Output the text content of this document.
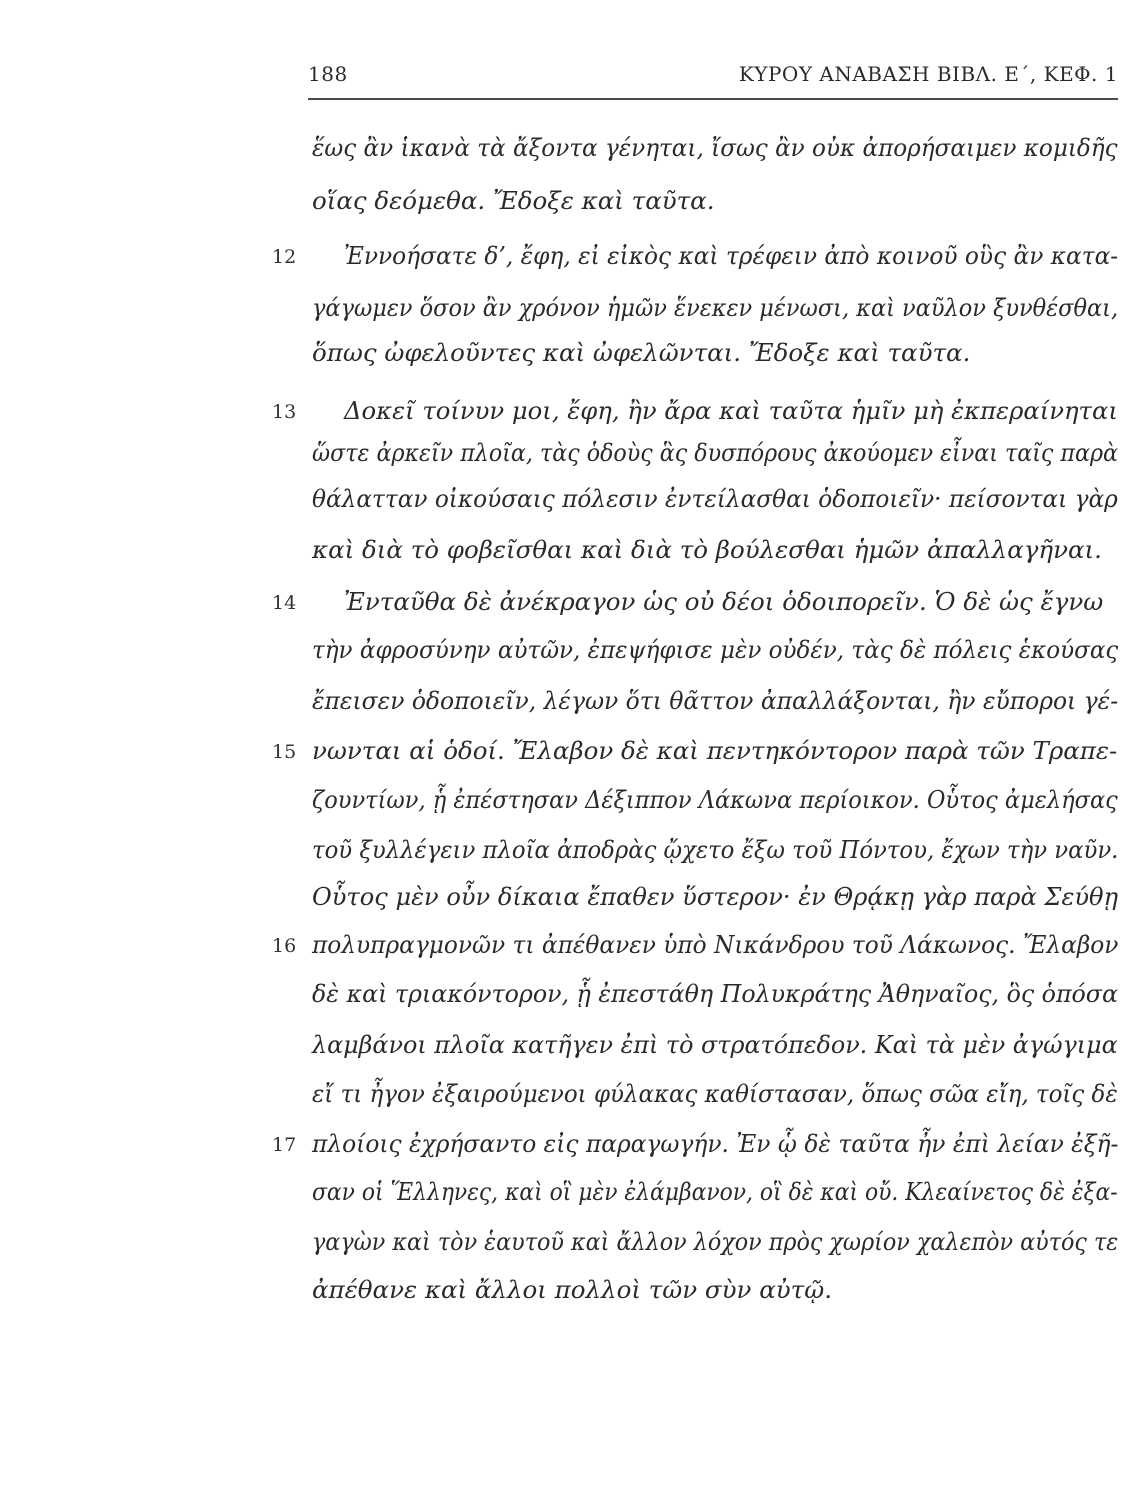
188	ΚΥΡΟΥ ΑΝΑΒΑΣΗ ΒΙΒΛ. Ε΄, ΚΕΦ. 1
ἕως ἂν ἱκανὰ τὰ ἄξοντα γένηται, ἴσως ἂν οὐκ ἀπορήσαιμεν κομιδῆς
οἵας δεόμεθα. Ἔδοξε καὶ ταῦτα.
12 Ἐννοήσατε δ’, ἔφη, εἰ εἰκὸς καὶ τρέφειν ἀπὸ κοινοῦ οὓς ἂν κατα-
γάγωμεν ὅσον ἂν χρόνον ἡμῶν ἕνεκεν μένωσι, καὶ ναῦλον ξυνθέσθαι,
ὅπως ὠφελοῦντες καὶ ὠφελῶνται. Ἔδοξε καὶ ταῦτα.
13 Δοκεῖ τοίνυν μοι, ἔφη, ἢν ἄρα καὶ ταῦτα ἡμῖν μὴ ἐκπεραίνηται
ὥστε ἀρκεῖν πλοῖα, τὰς ὁδοὺς ἃς δυσπόρους ἀκούομεν εἶναι ταῖς παρὰ
θάλατταν οἰκούσαις πόλεσιν ἐντείλασθαι ὁδοποιεῖν· πείσονται γὰρ
καὶ διὰ τὸ φοβεῖσθαι καὶ διὰ τὸ βούλεσθαι ἡμῶν ἀπαλλαγῆναι.
14 Ἐνταῦθα δὲ ἀνέκραγον ὡς οὐ δέοι ὁδοιπορεῖν. Ὁ δὲ ὡς ἔγνω
τὴν ἀφροσύνην αὐτῶν, ἐπεψήφισε μὲν οὐδέν, τὰς δὲ πόλεις ἑκούσας
ἔπεισεν ὁδοποιεῖν, λέγων ὅτι θᾶττον ἀπαλλάξονται, ἢν εὔποροι γέ-
15 νωνται αἱ ὁδοί. Ἔλαβον δὲ καὶ πεντηκόντορον παρὰ τῶν Τραπε-
ζουντίων, ᾗ ἐπέστησαν Δέξιππον Λάκωνα περίοικον. Οὗτος ἀμελήσας
τοῦ ξυλλέγειν πλοῖα ἀποδρὰς ᾤχετο ἔξω τοῦ Πόντου, ἔχων τὴν ναῦν.
Οὗτος μὲν οὖν δίκαια ἔπαθεν ὕστερον· ἐν Θρᾴκῃ γὰρ παρὰ Σεύθῃ
16 πολυπραγμονῶν τι ἀπέθανεν ὑπὸ Νικάνδρου τοῦ Λάκωνος. Ἔλαβον
δὲ καὶ τριακόντορον, ᾗ ἐπεστάθη Πολυκράτης Ἀθηναῖος, ὃς ὁπόσα
λαμβάνοι πλοῖα κατῆγεν ἐπὶ τὸ στρατόπεδον. Καὶ τὰ μὲν ἀγώγιμα
εἴ τι ἦγον ἐξαιρούμενοι φύλακας καθίστασαν, ὅπως σῶα εἴη, τοῖς δὲ
17 πλοίοις ἐχρήσαντο εἰς παραγωγήν. Ἐν ᾧ δὲ ταῦτα ἦν ἐπὶ λείαν ἐξῆ-
σαν οἱ Ἕλληνες, καὶ οἳ μὲν ἐλάμβανον, οἳ δὲ καὶ οὔ. Κλεαίνετος δὲ ἐξα-
γαγὼν καὶ τὸν ἑαυτοῦ καὶ ἄλλον λόχον πρὸς χωρίον χαλεπὸν αὐτός τε
ἀπέθανε καὶ ἄλλοι πολλοὶ τῶν σὺν αὐτῷ.
